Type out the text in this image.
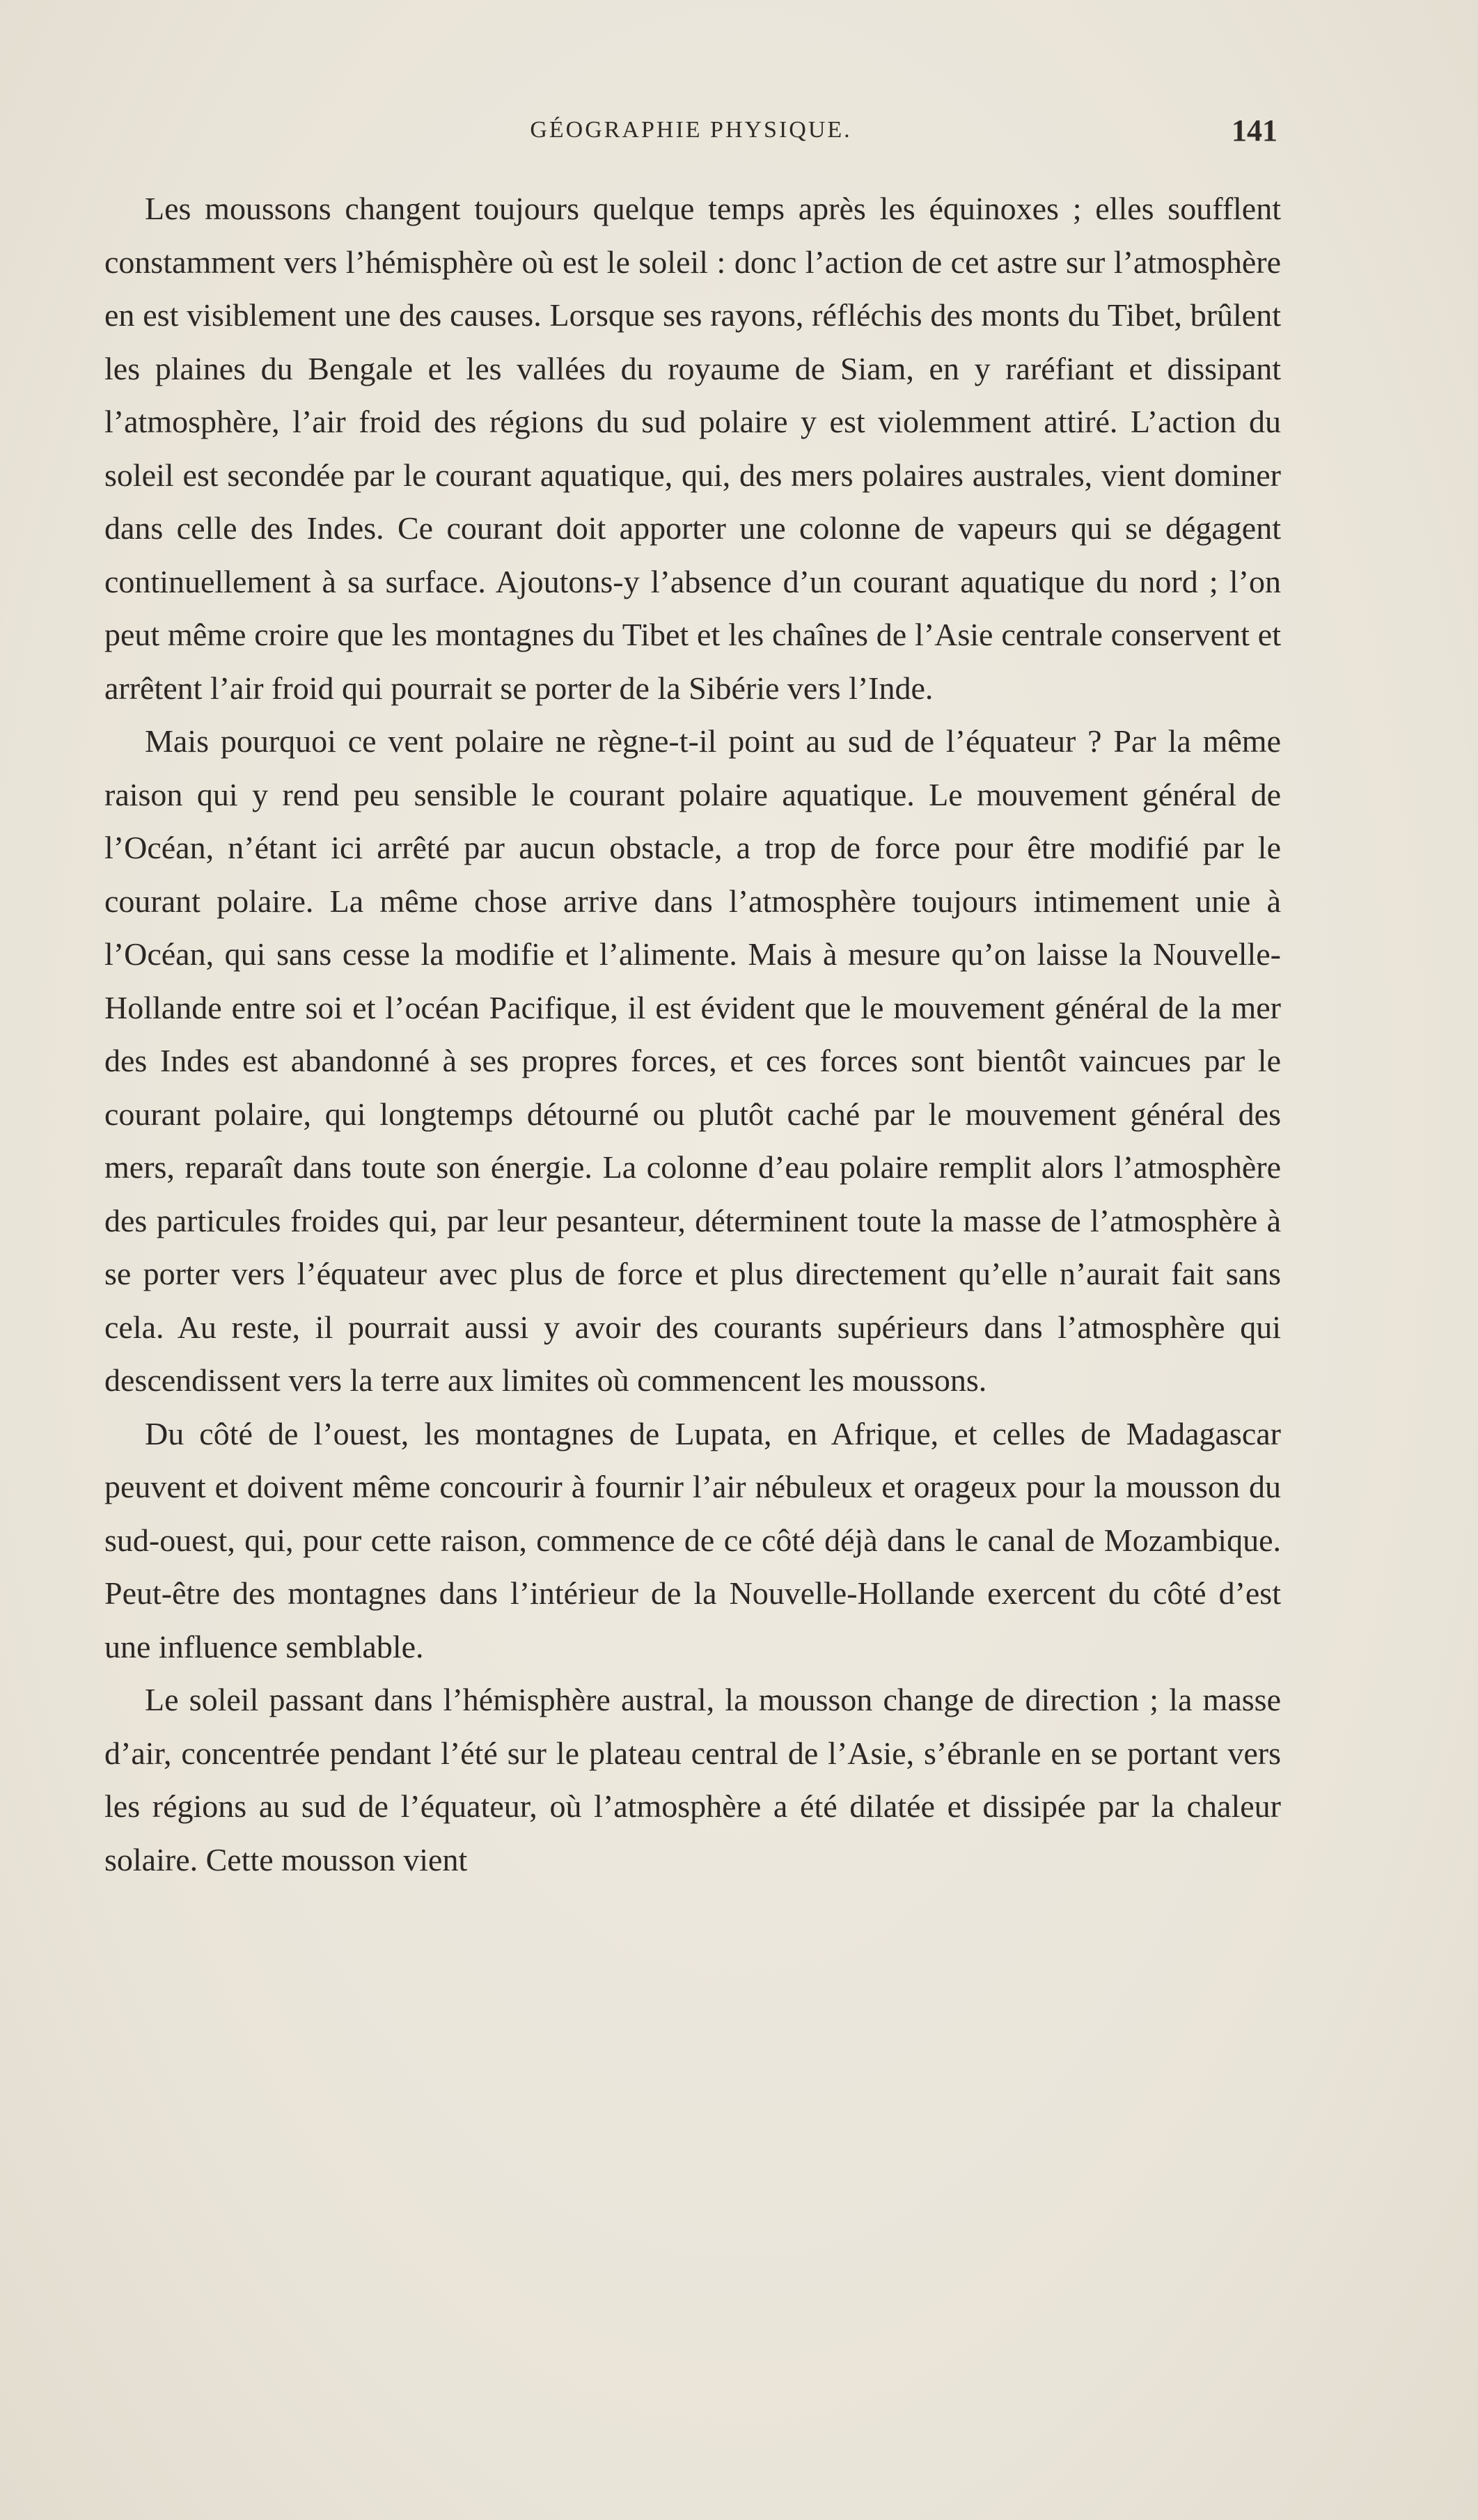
GÉOGRAPHIE PHYSIQUE.	141

Les moussons changent toujours quelque temps après les équinoxes ; elles soufflent constamment vers l’hémisphère où est le soleil : donc l’action de cet astre sur l’atmosphère en est visiblement une des causes. Lorsque ses rayons, réfléchis des monts du Tibet, brûlent les plaines du Bengale et les vallées du royaume de Siam, en y raréfiant et dissipant l’atmosphère, l’air froid des régions du sud polaire y est violemment attiré. L’action du soleil est secondée par le courant aquatique, qui, des mers polaires australes, vient dominer dans celle des Indes. Ce courant doit apporter une colonne de vapeurs qui se dégagent continuellement à sa surface. Ajoutons-y l’absence d’un courant aquatique du nord ; l’on peut même croire que les montagnes du Tibet et les chaînes de l’Asie centrale conservent et arrêtent l’air froid qui pourrait se porter de la Sibérie vers l’Inde.

Mais pourquoi ce vent polaire ne règne-t-il point au sud de l’équateur ? Par la même raison qui y rend peu sensible le courant polaire aquatique. Le mouvement général de l’Océan, n’étant ici arrêté par aucun obstacle, a trop de force pour être modifié par le courant polaire. La même chose arrive dans l’atmosphère toujours intimement unie à l’Océan, qui sans cesse la modifie et l’alimente. Mais à mesure qu’on laisse la Nouvelle-Hollande entre soi et l’océan Pacifique, il est évident que le mouvement général de la mer des Indes est abandonné à ses propres forces, et ces forces sont bientôt vaincues par le courant polaire, qui longtemps détourné ou plutôt caché par le mouvement général des mers, reparaît dans toute son énergie. La colonne d’eau polaire remplit alors l’atmosphère des particules froides qui, par leur pesanteur, déterminent toute la masse de l’atmosphère à se porter vers l’équateur avec plus de force et plus directement qu’elle n’aurait fait sans cela. Au reste, il pourrait aussi y avoir des courants supérieurs dans l’atmosphère qui descendissent vers la terre aux limites où commencent les moussons.

Du côté de l’ouest, les montagnes de Lupata, en Afrique, et celles de Madagascar peuvent et doivent même concourir à fournir l’air nébuleux et orageux pour la mousson du sud-ouest, qui, pour cette raison, commence de ce côté déjà dans le canal de Mozambique. Peut-être des montagnes dans l’intérieur de la Nouvelle-Hollande exercent du côté d’est une influence semblable.

Le soleil passant dans l’hémisphère austral, la mousson change de direction ; la masse d’air, concentrée pendant l’été sur le plateau central de l’Asie, s’ébranle en se portant vers les régions au sud de l’équateur, où l’atmosphère a été dilatée et dissipée par la chaleur solaire. Cette mousson vient
